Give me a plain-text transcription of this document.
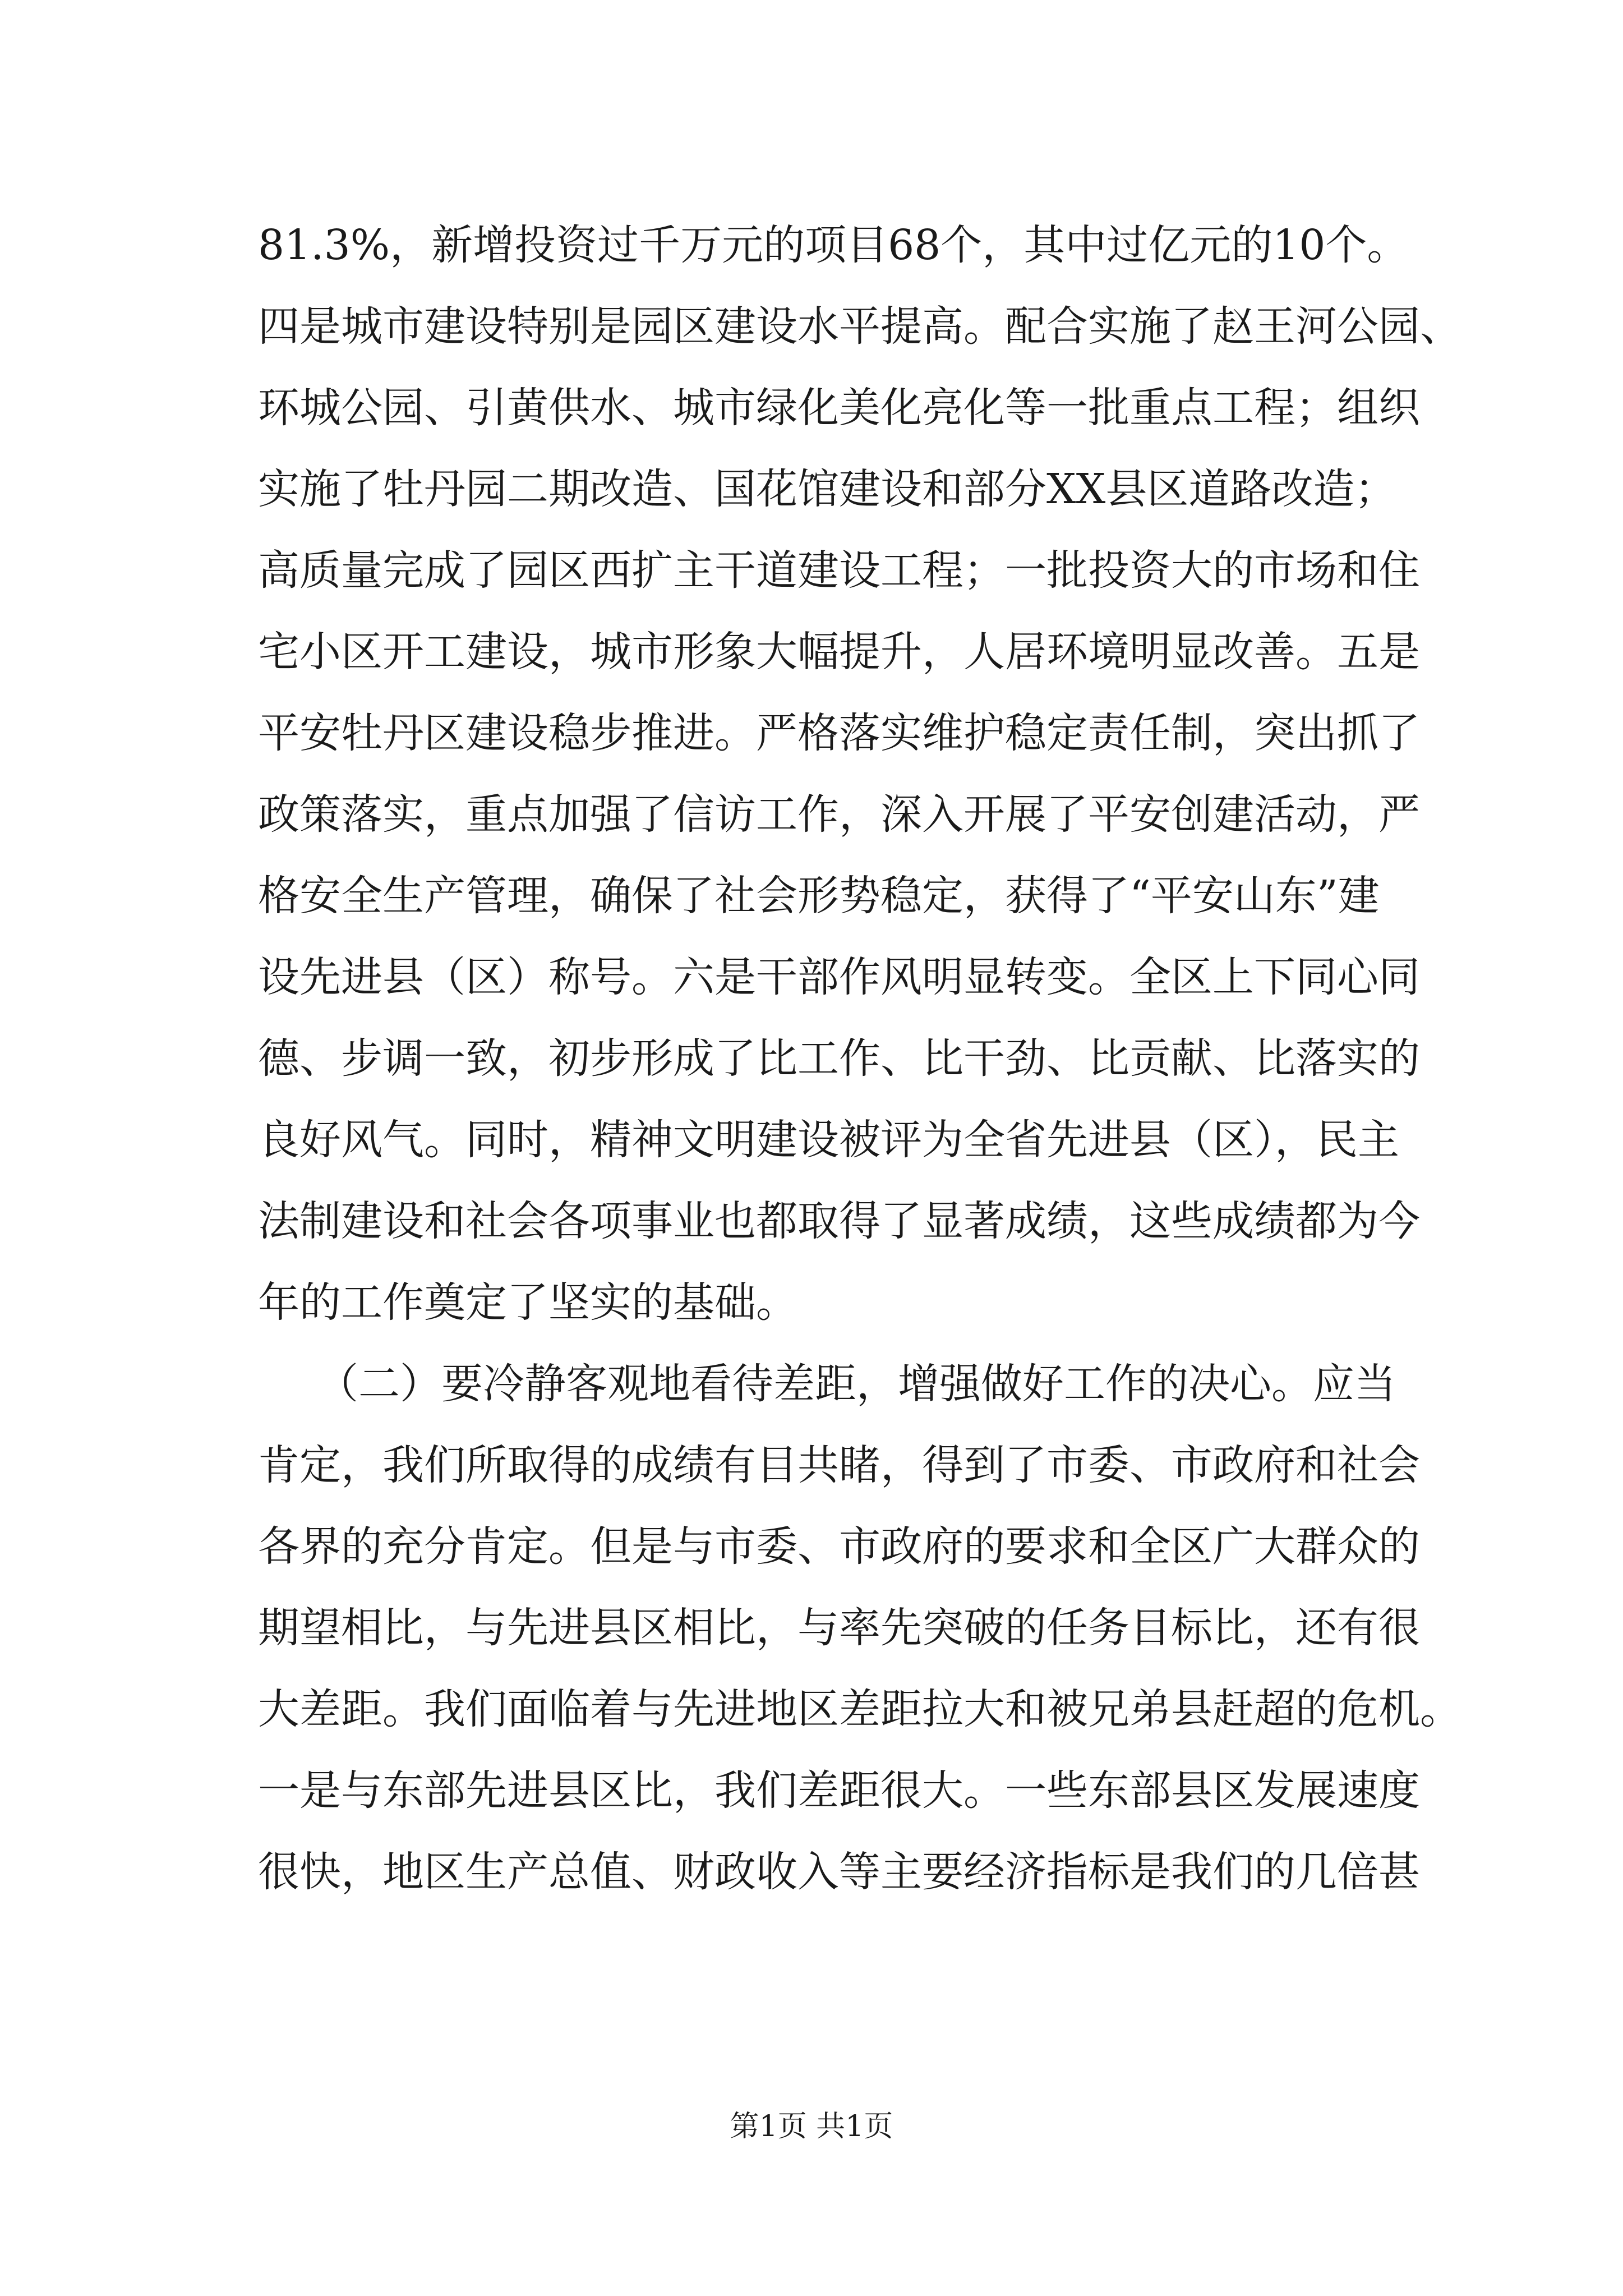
81.3%，新增投资过千万元的项目68个，其中过亿元的10个。
四是城市建设特别是园区建设水平提高。配合实施了赵王河公园、
环城公园、引黄供水、城市绿化美化亮化等一批重点工程；组织
实施了牡丹园二期改造、国花馆建设和部分XX县区道路改造；
高质量完成了园区西扩主干道建设工程；一批投资大的市场和住
宅小区开工建设，城市形象大幅提升，人居环境明显改善。五是
平安牡丹区建设稳步推进。严格落实维护稳定责任制，突出抓了
政策落实，重点加强了信访工作，深入开展了平安创建活动，严
格安全生产管理，确保了社会形势稳定，获得了“平安山东”建
设先进县（区）称号。六是干部作风明显转变。全区上下同心同
德、步调一致，初步形成了比工作、比干劲、比贡献、比落实的
良好风气。同时，精神文明建设被评为全省先进县（区），民主
法制建设和社会各项事业也都取得了显著成绩，这些成绩都为今
年的工作奠定了坚实的基础。
（二）要冷静客观地看待差距，增强做好工作的决心。应当
肯定，我们所取得的成绩有目共睹，得到了市委、市政府和社会
各界的充分肯定。但是与市委、市政府的要求和全区广大群众的
期望相比，与先进县区相比，与率先突破的任务目标比，还有很
大差距。我们面临着与先进地区差距拉大和被兄弟县赶超的危机。
一是与东部先进县区比，我们差距很大。一些东部县区发展速度
很快，地区生产总值、财政收入等主要经济指标是我们的几倍甚
第1页 共1页
